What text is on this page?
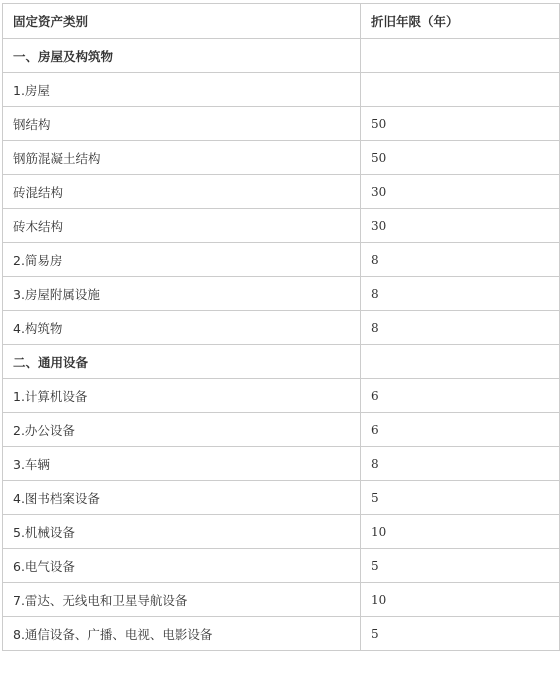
固定资产类别	折旧年限（年）
一、房屋及构筑物	
1.房屋	
钢结构	50
钢筋混凝土结构	50
砖混结构	30
砖木结构	30
2.简易房	8
3.房屋附属设施	8
4.构筑物	8
二、通用设备	
1.计算机设备	6
2.办公设备	6
3.车辆	8
4.图书档案设备	5
5.机械设备	10
6.电气设备	5
7.雷达、无线电和卫星导航设备	10
8.通信设备、广播、电视、电影设备	5
